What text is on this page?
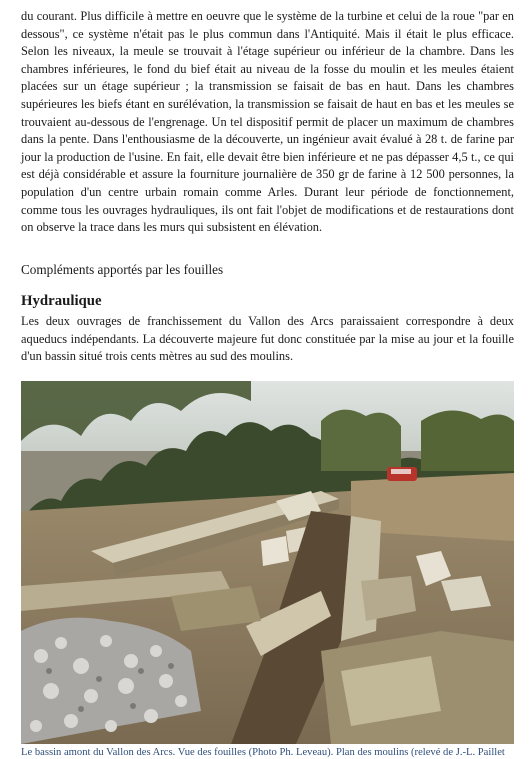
du courant. Plus difficile à mettre en oeuvre que le système de la turbine et celui de la roue "par en dessous", ce système n'était pas le plus commun dans l'Antiquité. Mais il était le plus efficace. Selon les niveaux, la meule se trouvait à l'étage supérieur ou inférieur de la chambre. Dans les chambres inférieures, le fond du bief était au niveau de la fosse du moulin et les meules étaient placées sur un étage supérieur ; la transmission se faisait de bas en haut. Dans les chambres supérieures les biefs étant en surélévation, la transmission se faisait de haut en bas et les meules se trouvaient au-dessous de l'engrenage. Un tel dispositif permit de placer un maximum de chambres dans la pente. Dans l'enthousiasme de la découverte, un ingénieur avait évalué à 28 t. de farine par jour la production de l'usine. En fait, elle devait être bien inférieure et ne pas dépasser 4,5 t., ce qui est déjà considérable et assure la fourniture journalière de 350 gr de farine à 12 500 personnes, la population d'un centre urbain romain comme Arles. Durant leur période de fonctionnement, comme tous les ouvrages hydrauliques, ils ont fait l'objet de modifications et de restaurations dont on observe la trace dans les murs qui subsistent en élévation.

Compléments apportés par les fouilles

Hydraulique

Les deux ouvrages de franchissement du Vallon des Arcs paraissaient correspondre à deux aqueducs indépendants. La découverte majeure fut donc constituée par la mise au jour et la fouille d'un bassin situé trois cents mètres au sud des moulins.

Le bassin amont du Vallon des Arcs. Vue des fouilles (Photo Ph. Leveau). Plan des moulins (relevé de J.-L. Paillet
